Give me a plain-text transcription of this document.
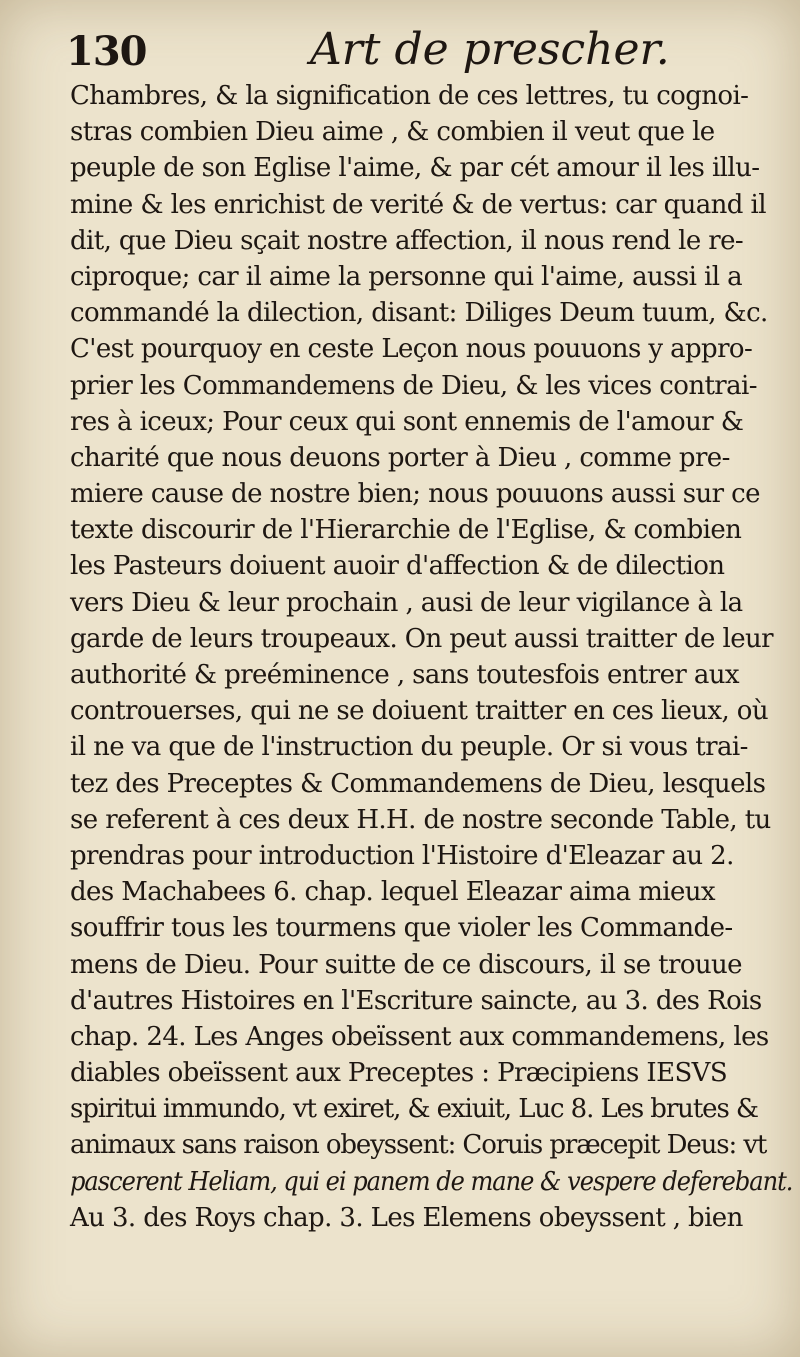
130	Art de prescher.
Chambres, & la signification de ces lettres, tu cognoi-
stras combien Dieu aime , & combien il veut que le
peuple de son Eglise l'aime, & par cét amour il les illu-
mine & les enrichist de verité & de vertus: car quand il
dit, que Dieu sçait nostre affection, il nous rend le re-
ciproque; car il aime la personne qui l'aime, aussi il a
commandé la dilection, disant: Diliges Deum tuum, &c.
C'est pourquoy en ceste Leçon nous pouuons y appro-
prier les Commandemens de Dieu, & les vices contrai-
res à iceux; Pour ceux qui sont ennemis de l'amour &
charité que nous deuons porter à Dieu , comme pre-
miere cause de nostre bien; nous pouuons aussi sur ce
texte discourir de l'Hierarchie de l'Eglise, & combien
les Pasteurs doiuent auoir d'affection & de dilection
vers Dieu & leur prochain , ausi de leur vigilance à la
garde de leurs troupeaux. On peut aussi traitter de leur
authorité & preéminence , sans toutesfois entrer aux
controuerses, qui ne se doiuent traitter en ces lieux, où
il ne va que de l'instruction du peuple. Or si vous trai-
tez des Preceptes & Commandemens de Dieu, lesquels
se referent à ces deux H.H. de nostre seconde Table, tu
prendras pour introduction l'Histoire d'Eleazar au 2.
des Machabees 6. chap. lequel Eleazar aima mieux
souffrir tous les tourmens que violer les Commande-
mens de Dieu. Pour suitte de ce discours, il se trouue
d'autres Histoires en l'Escriture saincte, au 3. des Rois
chap. 24. Les Anges obeïssent aux commandemens, les
diables obeïssent aux Preceptes : Præcipiens IESVS
spiritui immundo, vt exiret, & exiuit, Luc 8. Les brutes &
animaux sans raison obeyssent: Coruis præcepit Deus: vt
pascerent Heliam, qui ei panem de mane & vespere deferebant.
Au 3. des Roys chap. 3. Les Elemens obeyssent , bien
